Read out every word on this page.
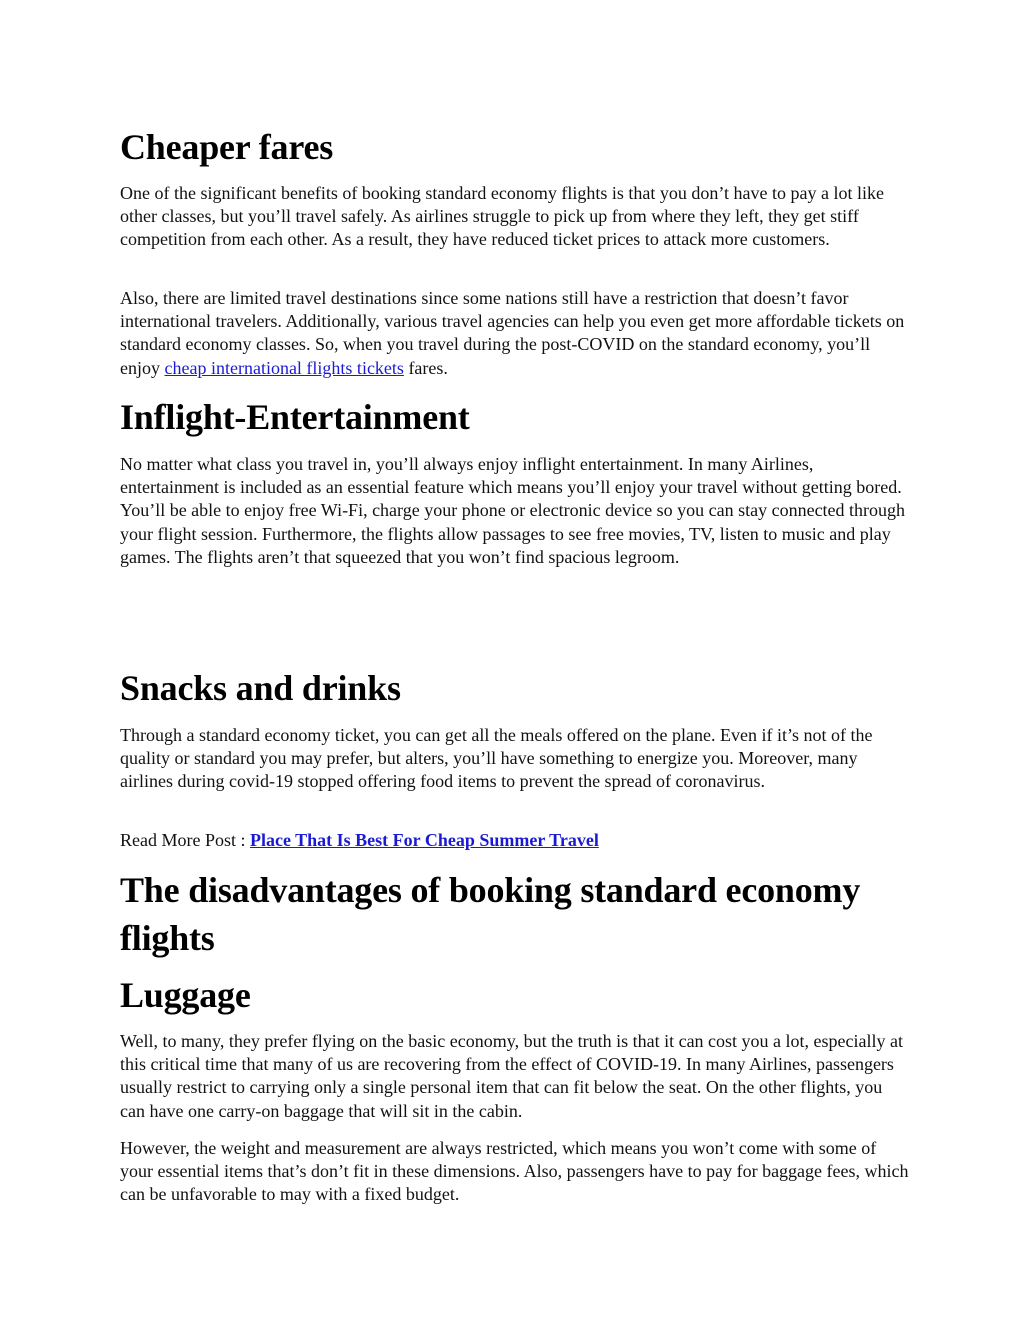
Cheaper fares

One of the significant benefits of booking standard economy flights is that you don’t have to pay a lot like other classes, but you’ll travel safely. As airlines struggle to pick up from where they left, they get stiff competition from each other. As a result, they have reduced ticket prices to attack more customers.

Also, there are limited travel destinations since some nations still have a restriction that doesn’t favor international travelers. Additionally, various travel agencies can help you even get more affordable tickets on standard economy classes. So, when you travel during the post-COVID on the standard economy, you’ll enjoy cheap international flights tickets fares.

Inflight-Entertainment

No matter what class you travel in, you’ll always enjoy inflight entertainment. In many Airlines, entertainment is included as an essential feature which means you’ll enjoy your travel without getting bored. You’ll be able to enjoy free Wi-Fi, charge your phone or electronic device so you can stay connected through your flight session. Furthermore, the flights allow passages to see free movies, TV, listen to music and play games. The flights aren’t that squeezed that you won’t find spacious legroom.

Snacks and drinks

Through a standard economy ticket, you can get all the meals offered on the plane. Even if it’s not of the quality or standard you may prefer, but alters, you’ll have something to energize you. Moreover, many airlines during covid-19 stopped offering food items to prevent the spread of coronavirus.

Read More Post : Place That Is Best For Cheap Summer Travel

The disadvantages of booking standard economy flights
Luggage

Well, to many, they prefer flying on the basic economy, but the truth is that it can cost you a lot, especially at this critical time that many of us are recovering from the effect of COVID-19. In many Airlines, passengers usually restrict to carrying only a single personal item that can fit below the seat. On the other flights, you can have one carry-on baggage that will sit in the cabin.

However, the weight and measurement are always restricted, which means you won’t come with some of your essential items that’s don’t fit in these dimensions. Also, passengers have to pay for baggage fees, which can be unfavorable to may with a fixed budget.
